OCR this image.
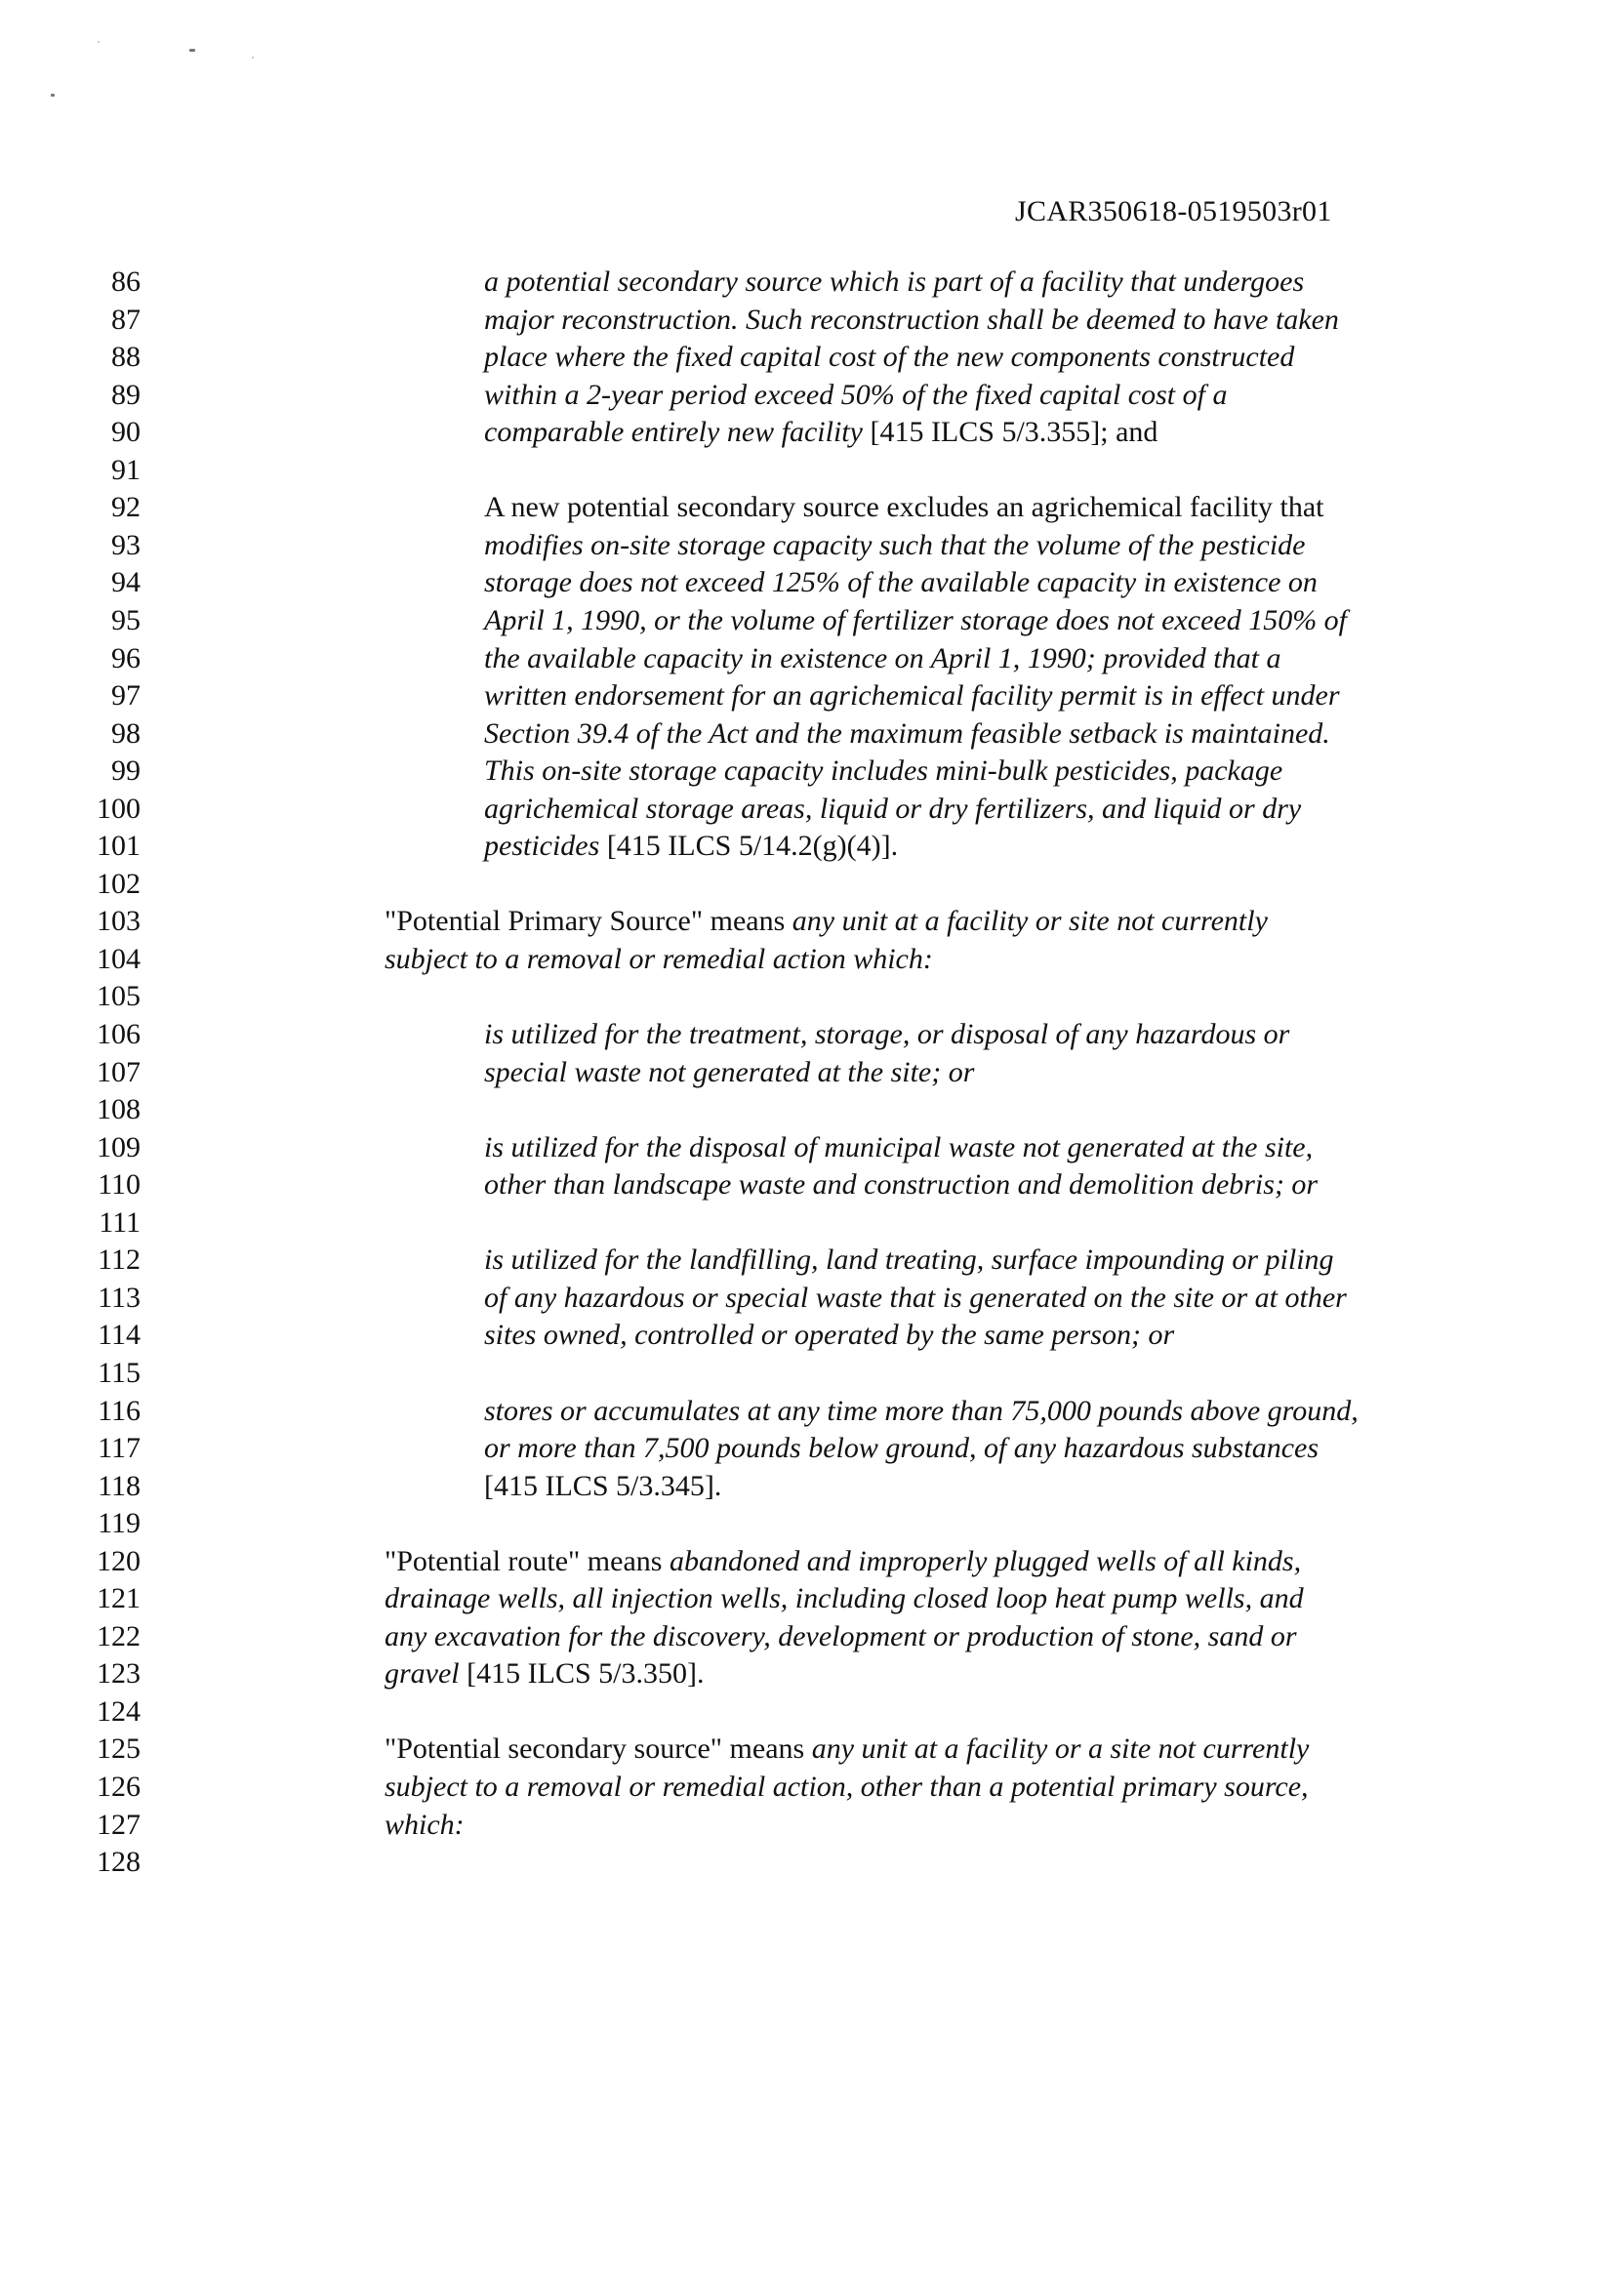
JCAR350618-0519503r01
86	a potential secondary source which is part of a facility that undergoes
87	major reconstruction. Such reconstruction shall be deemed to have taken
88	place where the fixed capital cost of the new components constructed
89	within a 2-year period exceed 50% of the fixed capital cost of a
90	comparable entirely new facility [415 ILCS 5/3.355]; and
91
92	A new potential secondary source excludes an agrichemical facility that
93	modifies on-site storage capacity such that the volume of the pesticide
94	storage does not exceed 125% of the available capacity in existence on
95	April 1, 1990, or the volume of fertilizer storage does not exceed 150% of
96	the available capacity in existence on April 1, 1990; provided that a
97	written endorsement for an agrichemical facility permit is in effect under
98	Section 39.4 of the Act and the maximum feasible setback is maintained.
99	This on-site storage capacity includes mini-bulk pesticides, package
100	agrichemical storage areas, liquid or dry fertilizers, and liquid or dry
101	pesticides [415 ILCS 5/14.2(g)(4)].
102
103	"Potential Primary Source" means any unit at a facility or site not currently
104	subject to a removal or remedial action which:
105
106	is utilized for the treatment, storage, or disposal of any hazardous or
107	special waste not generated at the site; or
108
109	is utilized for the disposal of municipal waste not generated at the site,
110	other than landscape waste and construction and demolition debris; or
111
112	is utilized for the landfilling, land treating, surface impounding or piling
113	of any hazardous or special waste that is generated on the site or at other
114	sites owned, controlled or operated by the same person; or
115
116	stores or accumulates at any time more than 75,000 pounds above ground,
117	or more than 7,500 pounds below ground, of any hazardous substances
118	[415 ILCS 5/3.345].
119
120	"Potential route" means abandoned and improperly plugged wells of all kinds,
121	drainage wells, all injection wells, including closed loop heat pump wells, and
122	any excavation for the discovery, development or production of stone, sand or
123	gravel [415 ILCS 5/3.350].
124
125	"Potential secondary source" means any unit at a facility or a site not currently
126	subject to a removal or remedial action, other than a potential primary source,
127	which:
128
